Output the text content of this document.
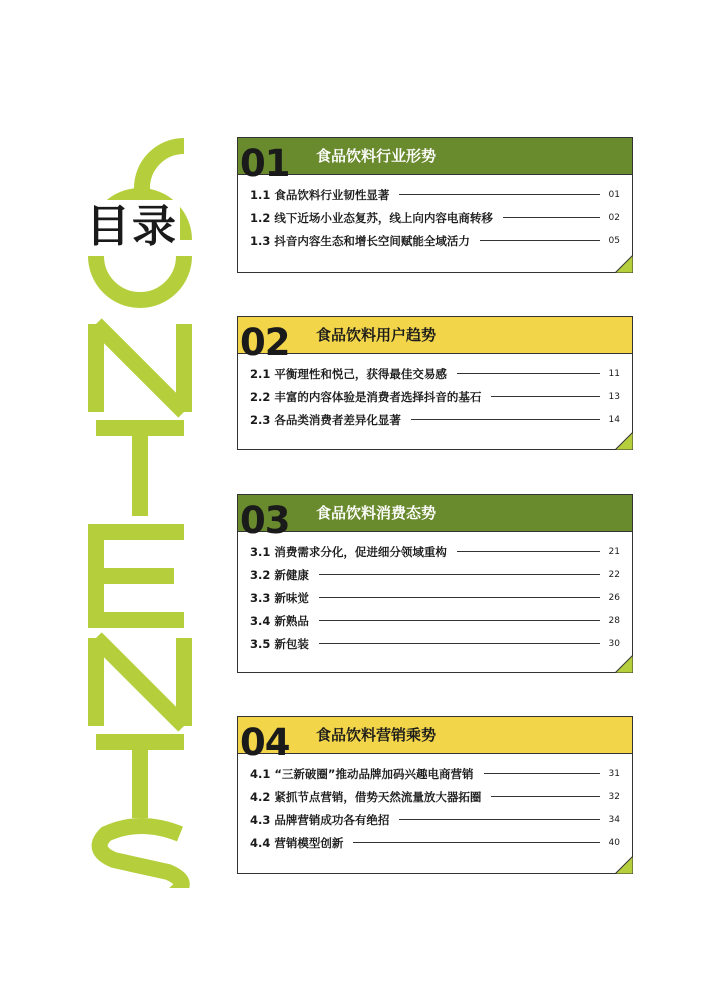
目录
01 食品饮料行业形势
1.1 食品饮料行业韧性显著	01
1.2 线下近场小业态复苏，线上向内容电商转移	02
1.3 抖音内容生态和增长空间赋能全域活力	05
02 食品饮料用户趋势
2.1 平衡理性和悦己，获得最佳交易感	11
2.2 丰富的内容体验是消费者选择抖音的基石	13
2.3 各品类消费者差异化显著	14
03 食品饮料消费态势
3.1 消费需求分化，促进细分领域重构	21
3.2 新健康	22
3.3 新味觉	26
3.4 新熟品	28
3.5 新包装	30
04 食品饮料营销乘势
4.1 “三新破圈”推动品牌加码兴趣电商营销	31
4.2 紧抓节点营销，借势天然流量放大器拓圈	32
4.3 品牌营销成功各有绝招	34
4.4 营销模型创新	40
